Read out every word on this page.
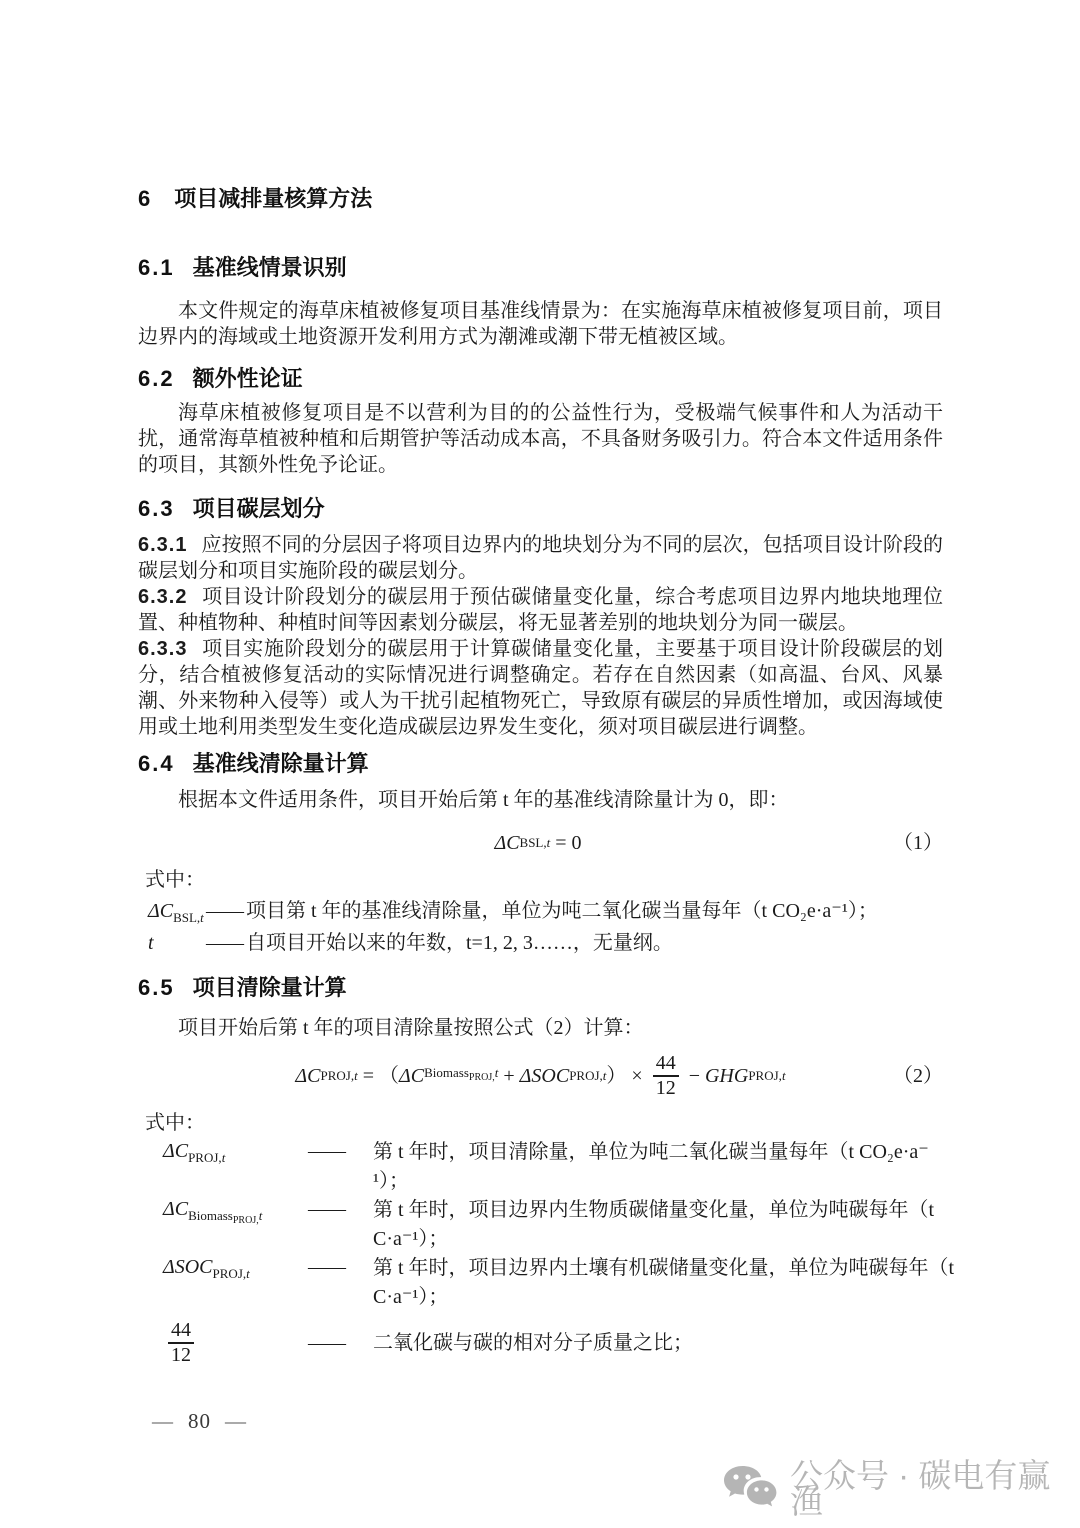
6 项目减排量核算方法
6.1 基准线情景识别

本文件规定的海草床植被修复项目基准线情景为：在实施海草床植被修复项目前，项目边界内的海域或土地资源开发利用方式为潮滩或潮下带无植被区域。

6.2 额外性论证

海草床植被修复项目是不以营利为目的的公益性行为，受极端气候事件和人为活动干扰，通常海草植被种植和后期管护等活动成本高，不具备财务吸引力。符合本文件适用条件的项目，其额外性免予论证。

6.3 项目碳层划分

6.3.1 应按照不同的分层因子将项目边界内的地块划分为不同的层次，包括项目设计阶段的碳层划分和项目实施阶段的碳层划分。

6.3.2 项目设计阶段划分的碳层用于预估碳储量变化量，综合考虑项目边界内地块地理位置、种植物种、种植时间等因素划分碳层，将无显著差别的地块划分为同一碳层。

6.3.3 项目实施阶段划分的碳层用于计算碳储量变化量，主要基于项目设计阶段碳层的划分，结合植被修复活动的实际情况进行调整确定。若存在自然因素（如高温、台风、风暴潮、外来物种入侵等）或人为干扰引起植物死亡，导致原有碳层的异质性增加，或因海域使用或土地利用类型发生变化造成碳层边界发生变化，须对项目碳层进行调整。

6.4 基准线清除量计算

根据本文件适用条件，项目开始后第 t 年的基准线清除量计为 0，即：

ΔC BSL,t = 0	（1）
式中：
$\Delta C_{BSL,t}$ —— 项目第 t 年的基准线清除量，单位为吨二氧化碳当量每年（t CO₂e·a⁻¹）；
t	—— 自项目开始以来的年数，t=1, 2, 3……，无量纲。
6.5 项目清除量计算

项目开始后第 t 年的项目清除量按照公式（2）计算：

ΔC PROJ,t = （ ΔC Biomass$_{PROJ,}$t + ΔSOC PROJ,t ） × $\frac{44}{12}$ − GHG PROJ,t	（2）
式中：
$\Delta C_{PROJ,t}$	——	第 t 年时，项目清除量，单位为吨二氧化碳当量每年（t CO₂e·a⁻
¹）；
$\Delta C_{Biomass_{PROJ,}t}$	——	第 t 年时，项目边界内生物质碳储量变化量，单位为吨碳每年（t
C·a⁻¹）；
$\Delta SOC_{PROJ,t}$	——	第 t 年时，项目边界内土壤有机碳储量变化量，单位为吨碳每年（t
C·a⁻¹）；
$\frac{44}{12}$	——	二氧化碳与碳的相对分子质量之比；
— 80 —
公众号 · 碳电有赢渔
